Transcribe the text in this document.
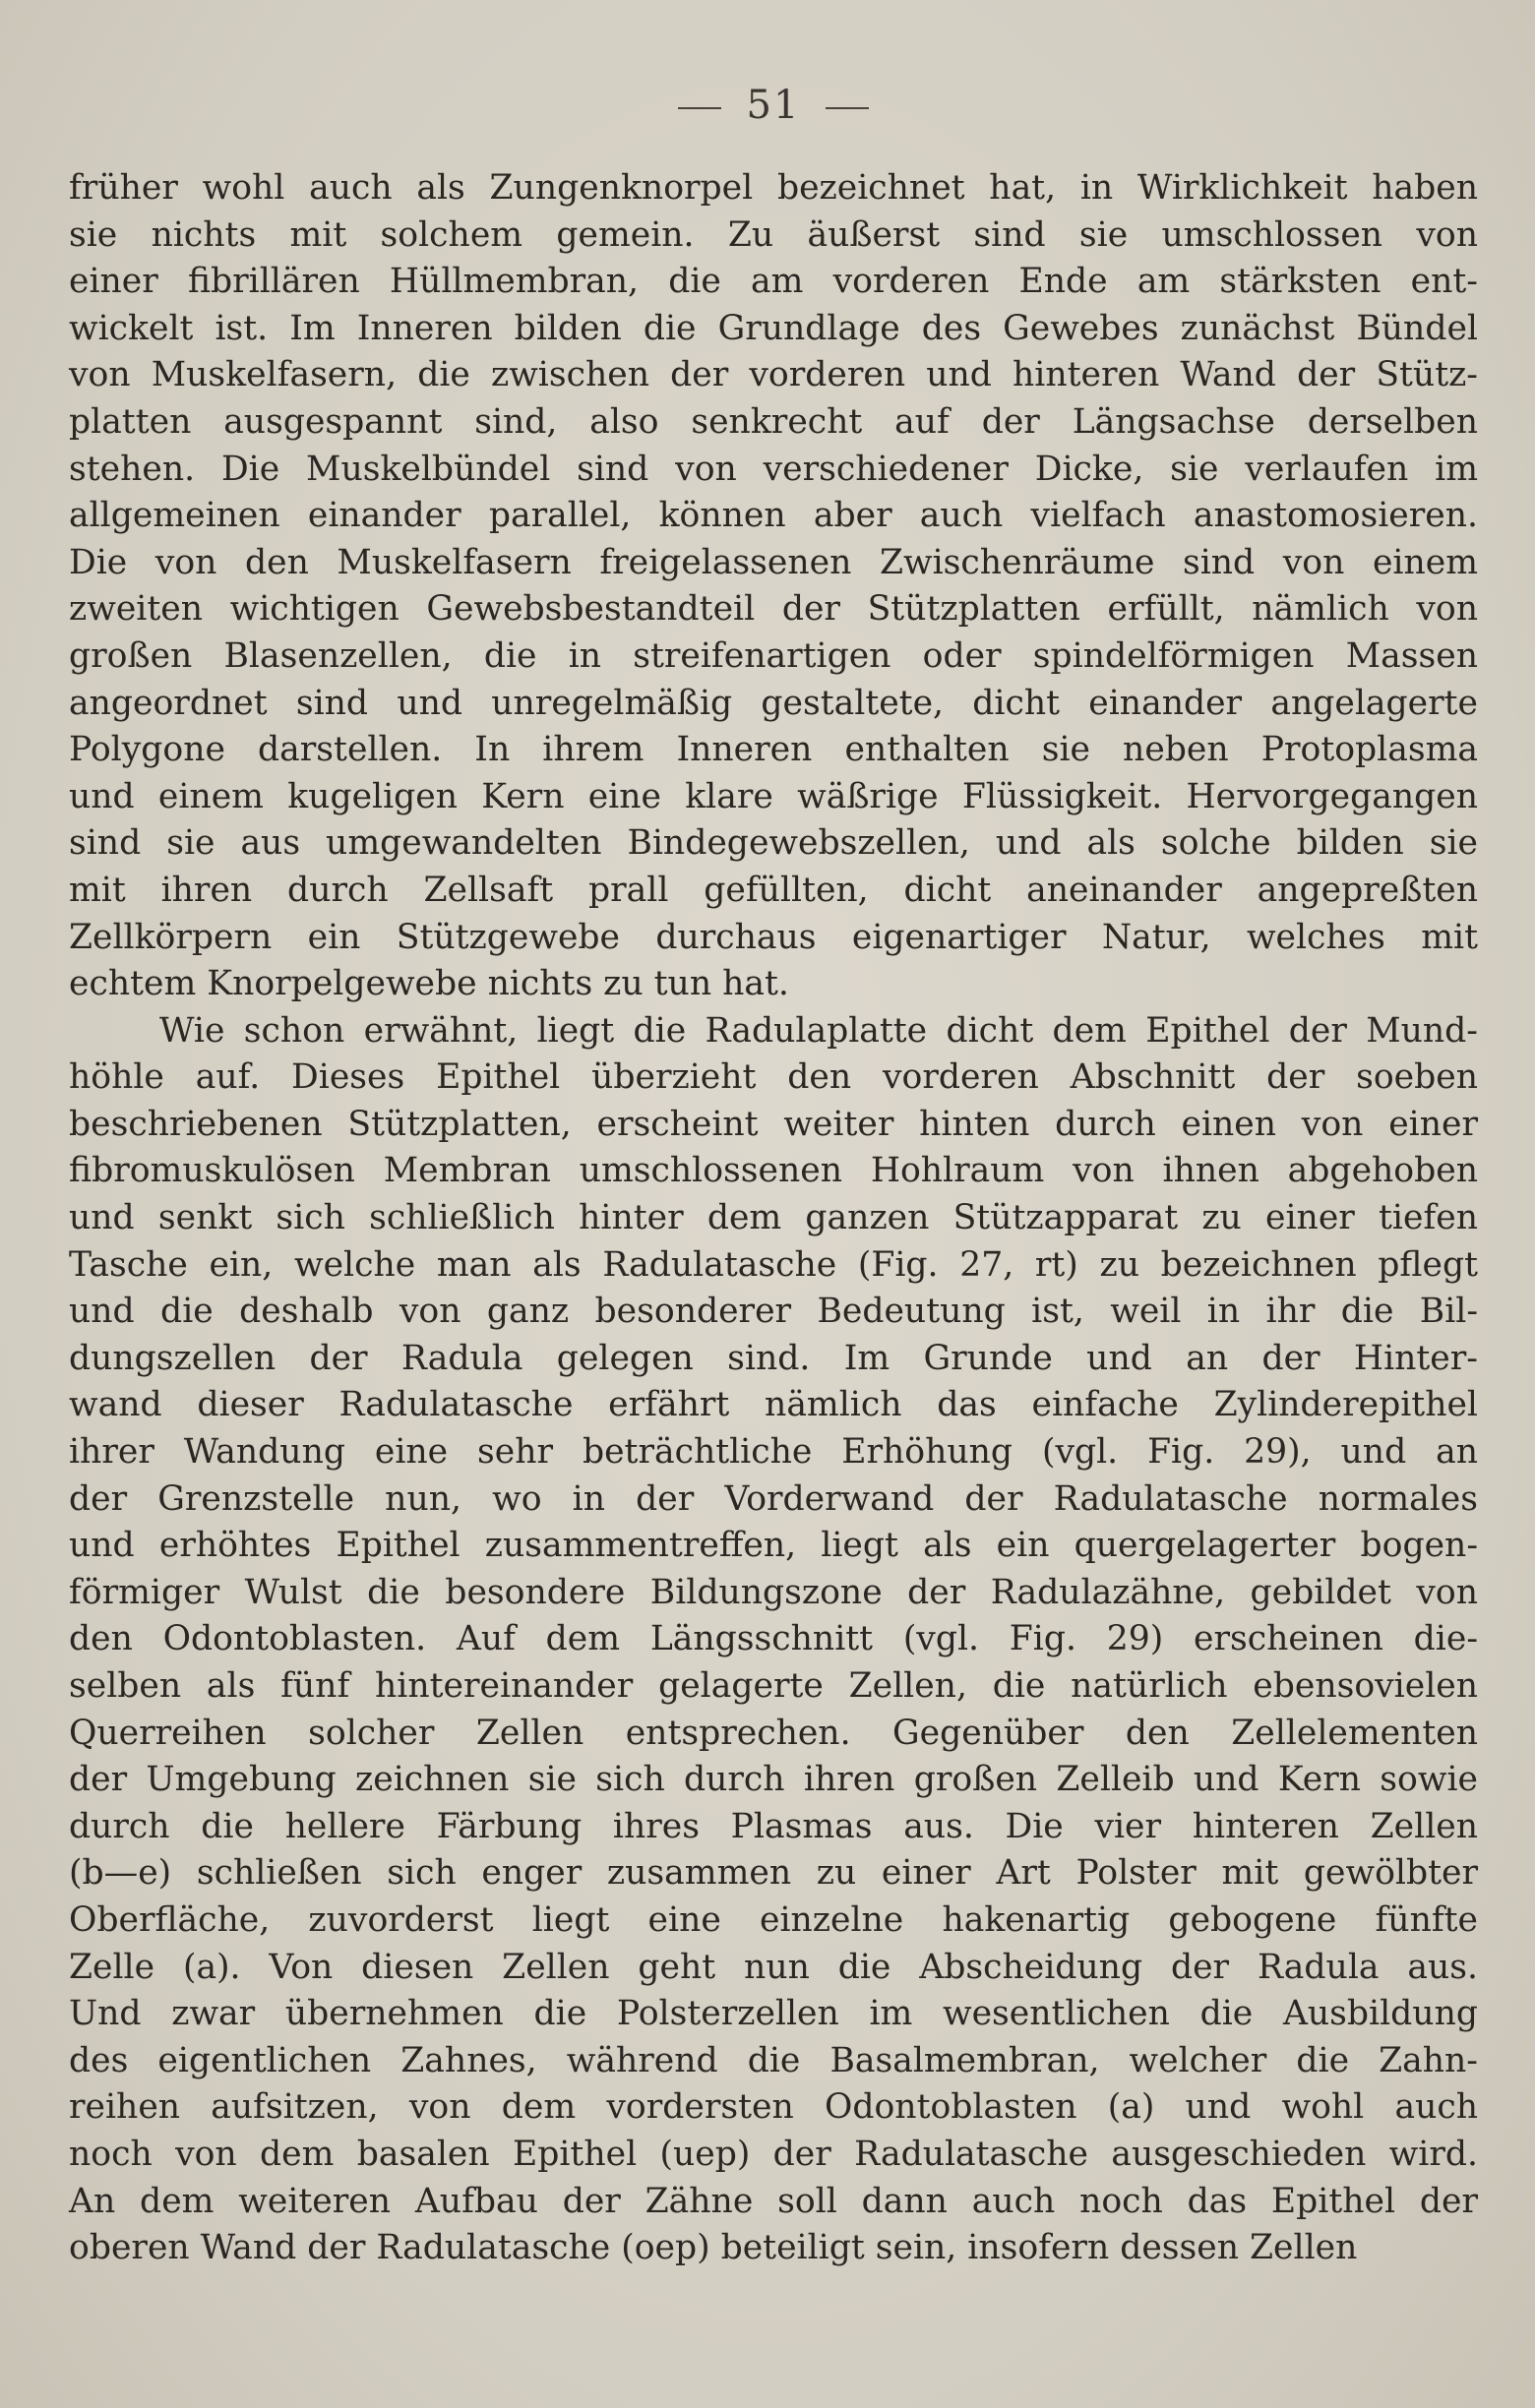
51
früher wohl auch als Zungenknorpel bezeichnet hat, in Wirklichkeit haben
sie nichts mit solchem gemein. Zu äußerst sind sie umschlossen von
einer fibrillären Hüllmembran, die am vorderen Ende am stärksten ent-
wickelt ist. Im Inneren bilden die Grundlage des Gewebes zunächst Bündel
von Muskelfasern, die zwischen der vorderen und hinteren Wand der Stütz-
platten ausgespannt sind, also senkrecht auf der Längsachse derselben
stehen. Die Muskelbündel sind von verschiedener Dicke, sie verlaufen im
allgemeinen einander parallel, können aber auch vielfach anastomosieren.
Die von den Muskelfasern freigelassenen Zwischenräume sind von einem
zweiten wichtigen Gewebsbestandteil der Stützplatten erfüllt, nämlich von
großen Blasenzellen, die in streifenartigen oder spindelförmigen Massen
angeordnet sind und unregelmäßig gestaltete, dicht einander angelagerte
Polygone darstellen. In ihrem Inneren enthalten sie neben Protoplasma
und einem kugeligen Kern eine klare wäßrige Flüssigkeit. Hervorgegangen
sind sie aus umgewandelten Bindegewebszellen, und als solche bilden sie
mit ihren durch Zellsaft prall gefüllten, dicht aneinander angepreßten
Zellkörpern ein Stützgewebe durchaus eigenartiger Natur, welches mit
echtem Knorpelgewebe nichts zu tun hat.
Wie schon erwähnt, liegt die Radulaplatte dicht dem Epithel der Mund-
höhle auf. Dieses Epithel überzieht den vorderen Abschnitt der soeben
beschriebenen Stützplatten, erscheint weiter hinten durch einen von einer
fibromuskulösen Membran umschlossenen Hohlraum von ihnen abgehoben
und senkt sich schließlich hinter dem ganzen Stützapparat zu einer tiefen
Tasche ein, welche man als Radulatasche (Fig. 27, rt) zu bezeichnen pflegt
und die deshalb von ganz besonderer Bedeutung ist, weil in ihr die Bil-
dungszellen der Radula gelegen sind. Im Grunde und an der Hinter-
wand dieser Radulatasche erfährt nämlich das einfache Zylinderepithel
ihrer Wandung eine sehr beträchtliche Erhöhung (vgl. Fig. 29), und an
der Grenzstelle nun, wo in der Vorderwand der Radulatasche normales
und erhöhtes Epithel zusammentreffen, liegt als ein quergelagerter bogen-
förmiger Wulst die besondere Bildungszone der Radulazähne, gebildet von
den Odontoblasten. Auf dem Längsschnitt (vgl. Fig. 29) erscheinen die-
selben als fünf hintereinander gelagerte Zellen, die natürlich ebensovielen
Querreihen solcher Zellen entsprechen. Gegenüber den Zellelementen
der Umgebung zeichnen sie sich durch ihren großen Zelleib und Kern sowie
durch die hellere Färbung ihres Plasmas aus. Die vier hinteren Zellen
(b—e) schließen sich enger zusammen zu einer Art Polster mit gewölbter
Oberfläche, zuvorderst liegt eine einzelne hakenartig gebogene fünfte
Zelle (a). Von diesen Zellen geht nun die Abscheidung der Radula aus.
Und zwar übernehmen die Polsterzellen im wesentlichen die Ausbildung
des eigentlichen Zahnes, während die Basalmembran, welcher die Zahn-
reihen aufsitzen, von dem vordersten Odontoblasten (a) und wohl auch
noch von dem basalen Epithel (uep) der Radulatasche ausgeschieden wird.
An dem weiteren Aufbau der Zähne soll dann auch noch das Epithel der
oberen Wand der Radulatasche (oep) beteiligt sein, insofern dessen Zellen
